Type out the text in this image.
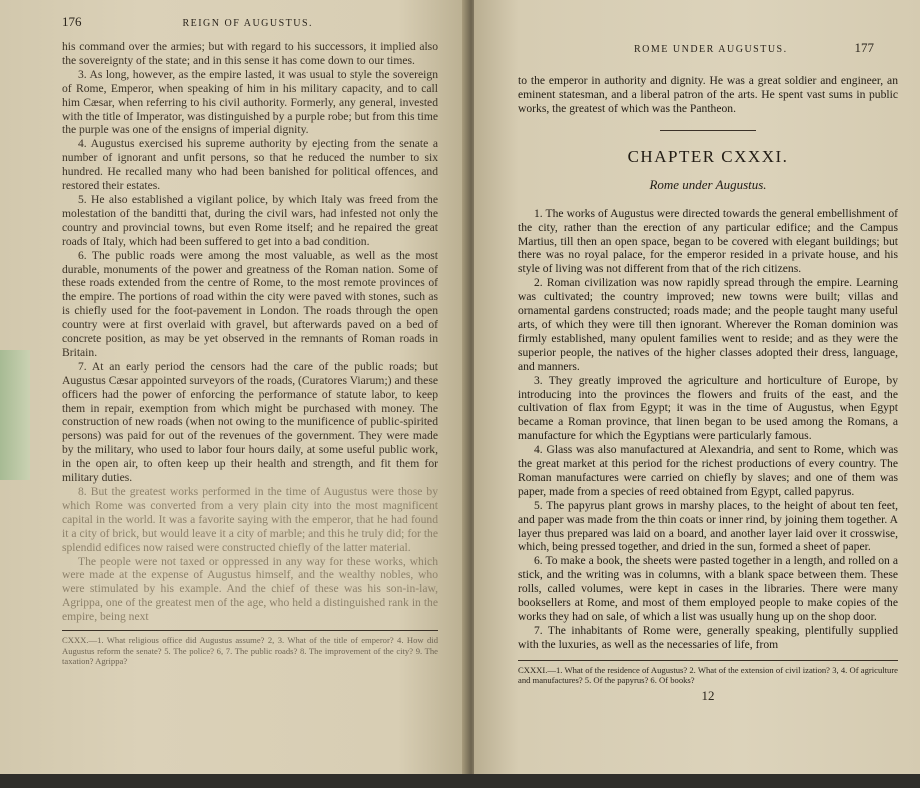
176	REIGN OF AUGUSTUS.

his command over the armies; but with regard to his successors, it implied also the sovereignty of the state; and in this sense it has come down to our times.

3. As long, however, as the empire lasted, it was usual to style the sovereign of Rome, Emperor, when speaking of him in his military capacity, and to call him Cæsar, when referring to his civil authority. Formerly, any general, invested with the title of Imperator, was distinguished by a purple robe; but from this time the purple was one of the ensigns of imperial dignity.

4. Augustus exercised his supreme authority by ejecting from the senate a number of ignorant and unfit persons, so that he reduced the number to six hundred. He recalled many who had been banished for political offences, and restored their estates.

5. He also established a vigilant police, by which Italy was freed from the molestation of the banditti that, during the civil wars, had infested not only the country and provincial towns, but even Rome itself; and he repaired the great roads of Italy, which had been suffered to get into a bad condition.

6. The public roads were among the most valuable, as well as the most durable, monuments of the power and greatness of the Roman nation. Some of these roads extended from the centre of Rome, to the most remote provinces of the empire. The portions of road within the city were paved with stones, such as is chiefly used for the foot-pavement in London. The roads through the open country were at first overlaid with gravel, but afterwards paved on a bed of concrete position, as may be yet observed in the remnants of Roman roads in Britain.

7. At an early period the censors had the care of the public roads; but Augustus Cæsar appointed surveyors of the roads, (Curatores Viarum;) and these officers had the power of enforcing the performance of statute labor, to keep them in repair, exemption from which might be purchased with money. The construction of new roads (when not owing to the munificence of public-spirited persons) was paid for out of the revenues of the government. They were made by the military, who used to labor four hours daily, at some useful public work, in the open air, to often keep up their health and strength, and fit them for military duties.

8. But the greatest works performed in the time of Augustus were those by which Rome was converted from a very plain city into the most magnificent capital in the world. It was a favorite saying with the emperor, that he had found it a city of brick, but would leave it a city of marble; and this he truly did; for the splendid edifices now raised were constructed chiefly of the latter material.

The people were not taxed or oppressed in any way for these works, which were made at the expense of Augustus himself, and the wealthy nobles, who were stimulated by his example. And the chief of these was his son-in-law, Agrippa, one of the greatest men of the age, who held a distinguished rank in the empire, being next

CXXX.—1. What religious office did Augustus assume? 2, 3. What of the title of emperor? 4. How did Augustus reform the senate? 5. The police? 6, 7. The public roads? 8. The improvement of the city? 9. The taxation? Agrippa?
ROME UNDER AUGUSTUS.	177

to the emperor in authority and dignity. He was a great soldier and engineer, an eminent statesman, and a liberal patron of the arts. He spent vast sums in public works, the greatest of which was the Pantheon.

CHAPTER CXXXI.
Rome under Augustus.

1. The works of Augustus were directed towards the general embellishment of the city, rather than the erection of any particular edifice; and the Campus Martius, till then an open space, began to be covered with elegant buildings; but there was no royal palace, for the emperor resided in a private house, and his style of living was not different from that of the rich citizens.

2. Roman civilization was now rapidly spread through the empire. Learning was cultivated; the country improved; new towns were built; villas and ornamental gardens constructed; roads made; and the people taught many useful arts, of which they were till then ignorant. Wherever the Roman dominion was firmly established, many opulent families went to reside; and as they were the superior people, the natives of the higher classes adopted their dress, language, and manners.

3. They greatly improved the agriculture and horticulture of Europe, by introducing into the provinces the flowers and fruits of the east, and the cultivation of flax from Egypt; it was in the time of Augustus, when Egypt became a Roman province, that linen began to be used among the Romans, a manufacture for which the Egyptians were particularly famous.

4. Glass was also manufactured at Alexandria, and sent to Rome, which was the great market at this period for the richest productions of every country. The Roman manufactures were carried on chiefly by slaves; and one of them was paper, made from a species of reed obtained from Egypt, called papyrus.

5. The papyrus plant grows in marshy places, to the height of about ten feet, and paper was made from the thin coats or inner rind, by joining them together. A layer thus prepared was laid on a board, and another layer laid over it crosswise, which, being pressed together, and dried in the sun, formed a sheet of paper.

6. To make a book, the sheets were pasted together in a length, and rolled on a stick, and the writing was in columns, with a blank space between them. These rolls, called volumes, were kept in cases in the libraries. There were many booksellers at Rome, and most of them employed people to make copies of the works they had on sale, of which a list was usually hung up on the shop door.

7. The inhabitants of Rome were, generally speaking, plentifully supplied with the luxuries, as well as the necessaries of life, from

CXXXI.—1. What of the residence of Augustus? 2. What of the extension of civil ization? 3, 4. Of agriculture and manufactures? 5. Of the papyrus? 6. Of books?
12
